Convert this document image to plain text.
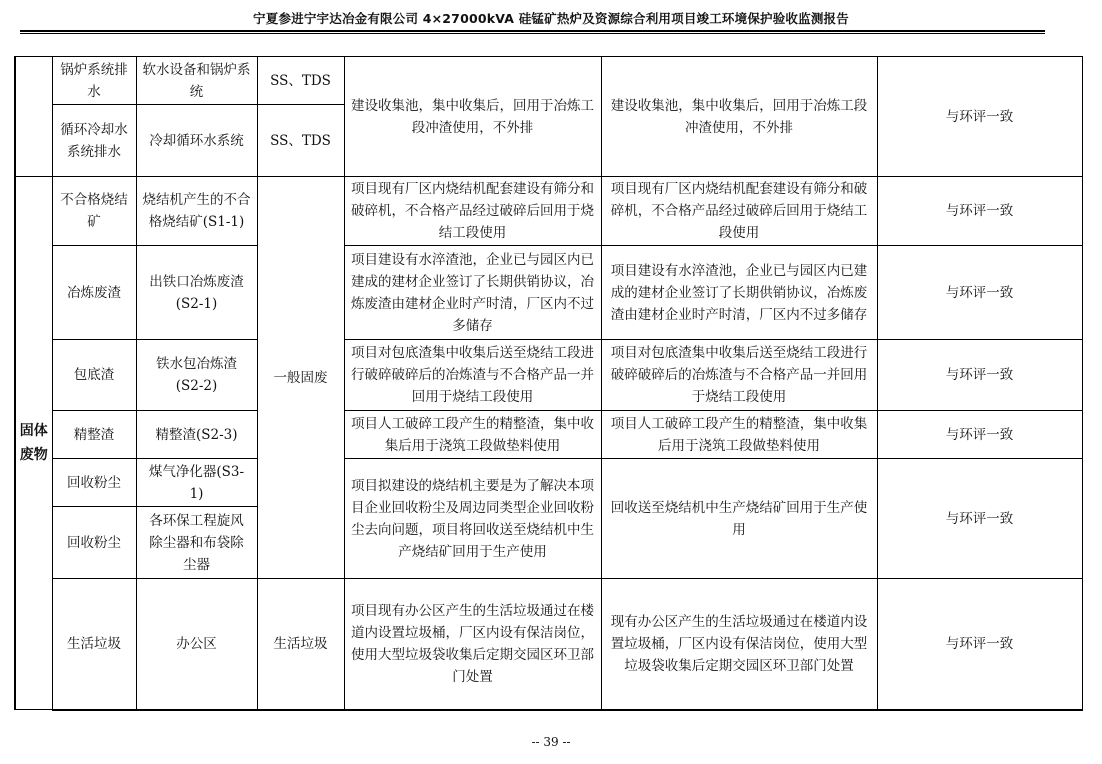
宁夏参进宁宇达冶金有限公司 4×27000kVA 硅锰矿热炉及资源综合利用项目竣工环境保护验收监测报告
	锅炉系统排水	软水设备和锅炉系统	SS、TDS	建设收集池，集中收集后，回用于冶炼工段冲渣使用，不外排	建设收集池，集中收集后，回用于冶炼工段冲渣使用，不外排	与环评一致
	循环冷却水系统排水	冷却循环水系统	SS、TDS			
固体废物	不合格烧结矿	烧结机产生的不合格烧结矿(S1-1)	一般固废	项目现有厂区内烧结机配套建设有筛分和破碎机，不合格产品经过破碎后回用于烧结工段使用	项目现有厂区内烧结机配套建设有筛分和破碎机，不合格产品经过破碎后回用于烧结工段使用	与环评一致
	冶炼废渣	出铁口冶炼废渣(S2-1)		项目建设有水淬渣池，企业已与园区内已建成的建材企业签订了长期供销协议，冶炼废渣由建材企业时产时清，厂区内不过多储存	项目建设有水淬渣池，企业已与园区内已建成的建材企业签订了长期供销协议，冶炼废渣由建材企业时产时清，厂区内不过多储存	与环评一致
	包底渣	铁水包冶炼渣(S2-2)		项目对包底渣集中收集后送至烧结工段进行破碎破碎后的冶炼渣与不合格产品一并回用于烧结工段使用	项目对包底渣集中收集后送至烧结工段进行破碎破碎后的冶炼渣与不合格产品一并回用于烧结工段使用	与环评一致
	精整渣	精整渣(S2-3)		项目人工破碎工段产生的精整渣，集中收集后用于浇筑工段做垫料使用	项目人工破碎工段产生的精整渣，集中收集后用于浇筑工段做垫料使用	与环评一致
	回收粉尘	煤气净化器(S3-1)		项目拟建设的烧结机主要是为了解决本项目企业回收粉尘及周边同类型企业回收粉尘去向问题，项目将回收送至烧结机中生产烧结矿回用于生产使用	回收送至烧结机中生产烧结矿回用于生产使用	与环评一致
	回收粉尘	各环保工程旋风除尘器和布袋除尘器				
	生活垃圾	办公区	生活垃圾	项目现有办公区产生的生活垃圾通过在楼道内设置垃圾桶，厂区内设有保洁岗位，使用大型垃圾袋收集后定期交园区环卫部门处置	现有办公区产生的生活垃圾通过在楼道内设置垃圾桶，厂区内设有保洁岗位，使用大型垃圾袋收集后定期交园区环卫部门处置	与环评一致
-- 39 --
